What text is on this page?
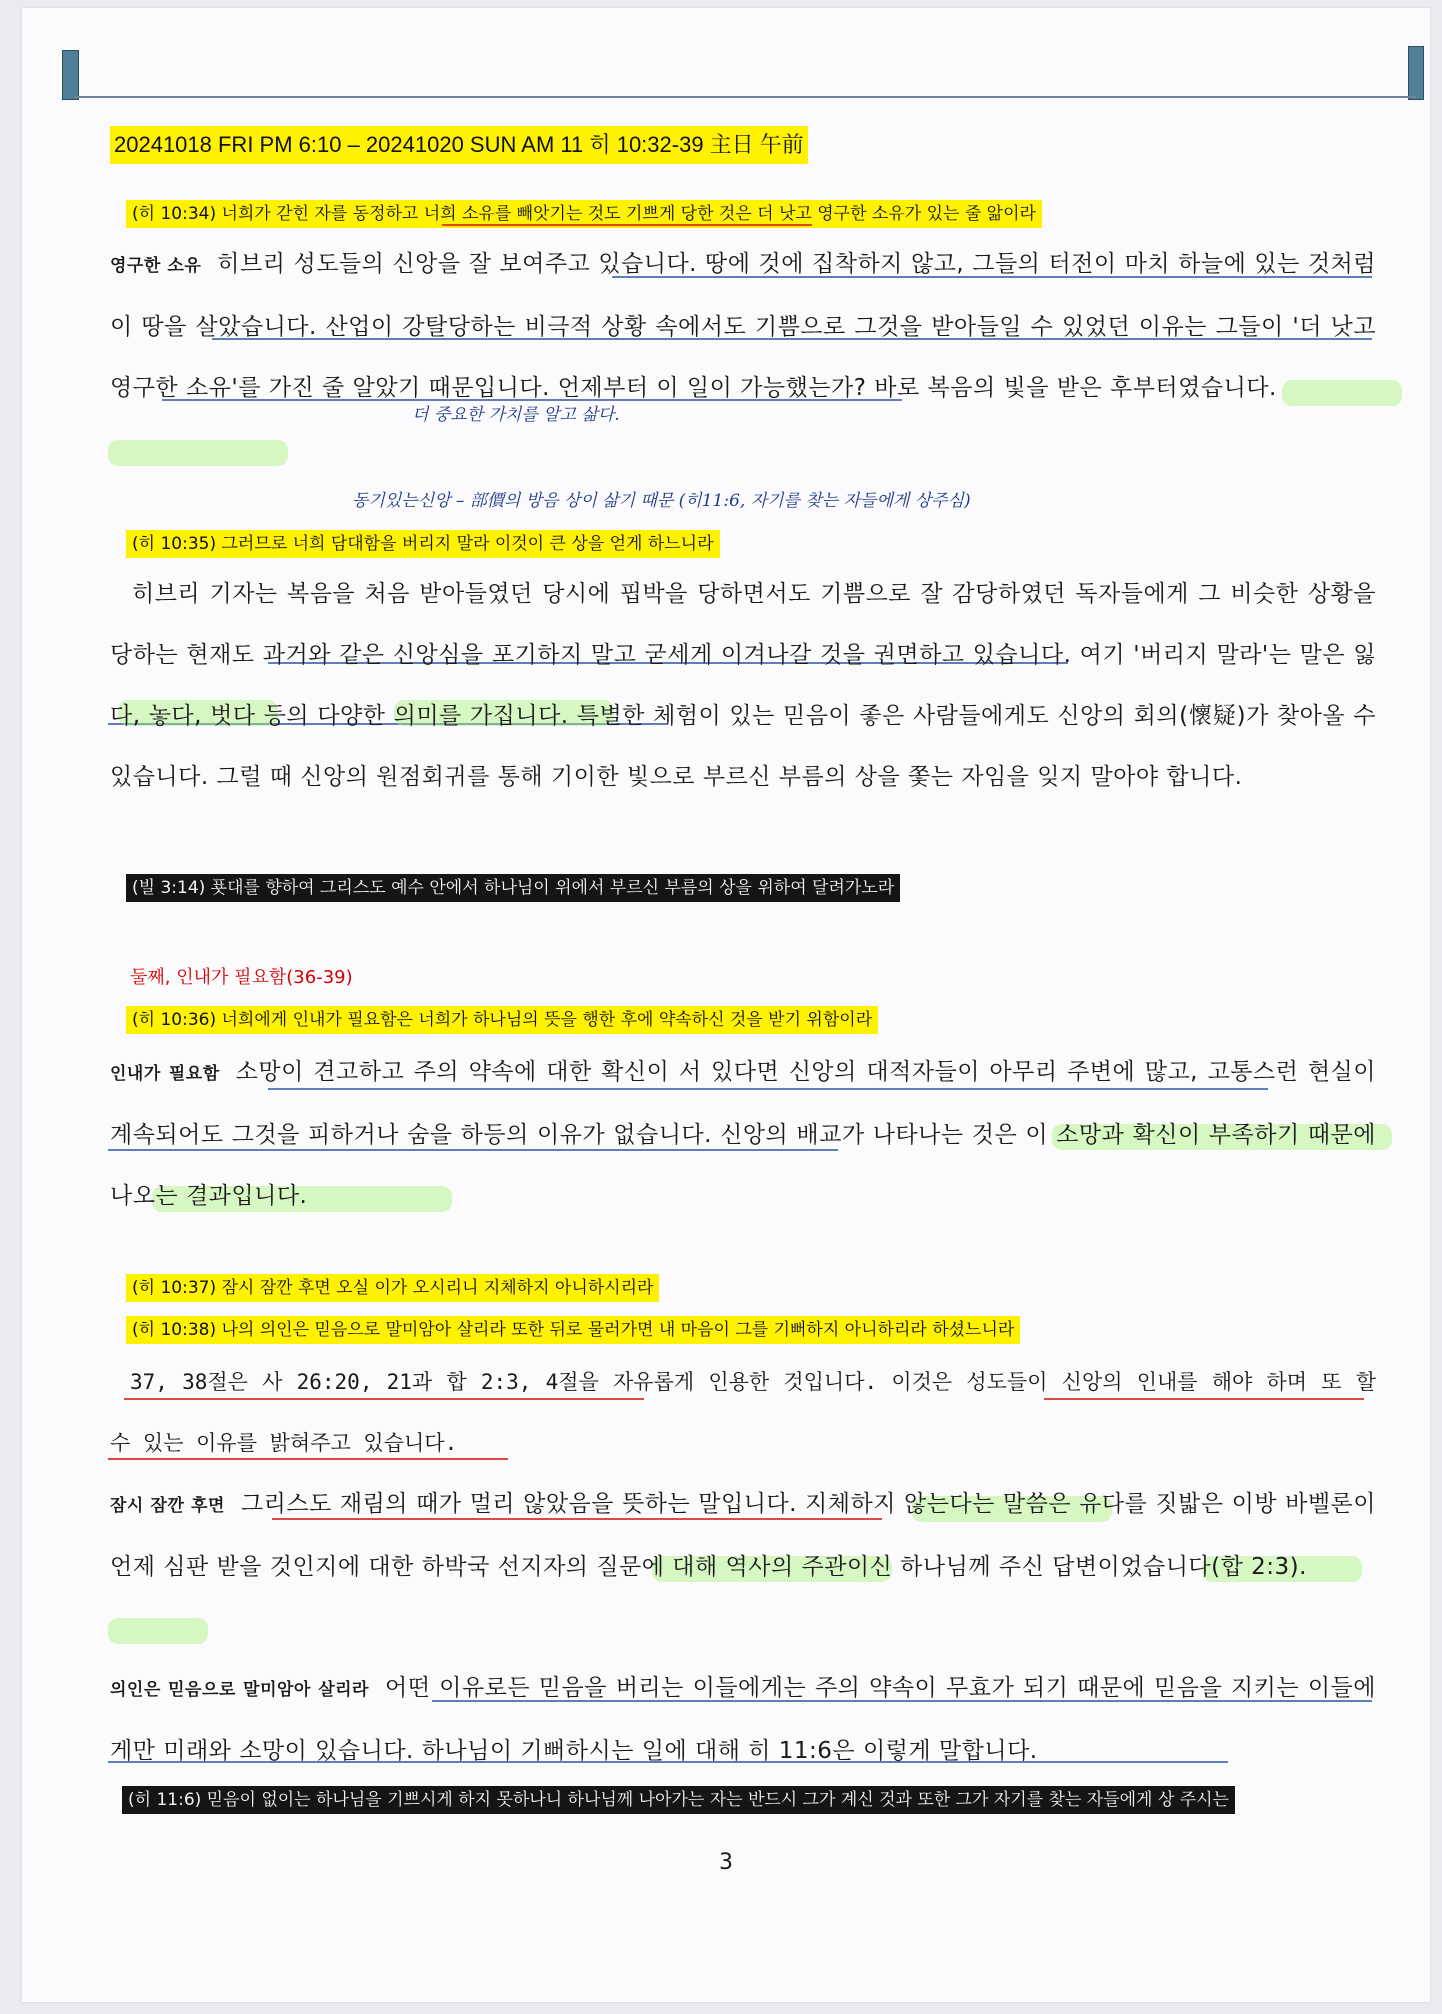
20241018 FRI PM 6:10 – 20241020 SUN AM 11 히 10:32-39 主日 午前
(히 10:34) 너희가 갇힌 자를 동정하고 너희 소유를 빼앗기는 것도 기쁘게 당한 것은 더 낫고 영구한 소유가 있는 줄 앎이라
영구한 소유 히브리 성도들의 신앙을 잘 보여주고 있습니다. 땅에 것에 집착하지 않고, 그들의 터전이 마치 하늘에 있는 것처럼 이 땅을 살았습니다. 산업이 강탈당하는 비극적 상황 속에서도 기쁨으로 그것을 받아들일 수 있었던 이유는 그들이 '더 낫고 영구한 소유'를 가진 줄 알았기 때문입니다. 언제부터 이 일이 가능했는가? 바로 복음의 빛을 받은 후부터였습니다.
더 중요한 가치를 알고 삶다.
동기있는신앙 – 部價의 방음 상이 삶기 때문 (히11:6, 자기를 찾는 자들에게 상주심)
(히 10:35) 그러므로 너희 담대함을 버리지 말라 이것이 큰 상을 얻게 하느니라
히브리 기자는 복음을 처음 받아들였던 당시에 핍박을 당하면서도 기쁨으로 잘 감당하였던 독자들에게 그 비슷한 상황을 당하는 현재도 과거와 같은 신앙심을 포기하지 말고 굳세게 이겨나갈 것을 권면하고 있습니다. 여기 '버리지 말라'는 말은 잃다, 놓다, 벗다 등의 다양한 의미를 가집니다. 특별한 체험이 있는 믿음이 좋은 사람들에게도 신앙의 회의(懷疑)가 찾아올 수 있습니다. 그럴 때 신앙의 원점회귀를 통해 기이한 빛으로 부르신 부름의 상을 쫓는 자임을 잊지 말아야 합니다.
(빌 3:14) 푯대를 향하여 그리스도 예수 안에서 하나님이 위에서 부르신 부름의 상을 위하여 달려가노라
둘째, 인내가 필요함(36-39)
(히 10:36) 너희에게 인내가 필요함은 너희가 하나님의 뜻을 행한 후에 약속하신 것을 받기 위함이라
인내가 필요함 소망이 견고하고 주의 약속에 대한 확신이 서 있다면 신앙의 대적자들이 아무리 주변에 많고, 고통스런 현실이 계속되어도 그것을 피하거나 숨을 하등의 이유가 없습니다. 신앙의 배교가 나타나는 것은 이 소망과 확신이 부족하기 때문에 나오는 결과입니다.
(히 10:37) 잠시 잠깐 후면 오실 이가 오시리니 지체하지 아니하시리라
(히 10:38) 나의 의인은 믿음으로 말미암아 살리라 또한 뒤로 물러가면 내 마음이 그를 기뻐하지 아니하리라 하셨느니라
37, 38절은 사 26:20, 21과 합 2:3, 4절을 자유롭게 인용한 것입니다. 이것은 성도들이 신앙의 인내를 해야 하며 또 할 수 있는 이유를 밝혀주고 있습니다.
잠시 잠깐 후면 그리스도 재림의 때가 멀리 않았음을 뜻하는 말입니다. 지체하지 않는다는 말씀은 유다를 짓밟은 이방 바벨론이 언제 심판 받을 것인지에 대한 하박국 선지자의 질문에 대해 역사의 주관이신 하나님께 주신 답변이었습니다(합 2:3).
의인은 믿음으로 말미암아 살리라 어떤 이유로든 믿음을 버리는 이들에게는 주의 약속이 무효가 되기 때문에 믿음을 지키는 이들에게만 미래와 소망이 있습니다. 하나님이 기뻐하시는 일에 대해 히 11:6은 이렇게 말합니다.
(히 11:6) 믿음이 없이는 하나님을 기쁘시게 하지 못하나니 하나님께 나아가는 자는 반드시 그가 계신 것과 또한 그가 자기를 찾는 자들에게 상 주시는
3
